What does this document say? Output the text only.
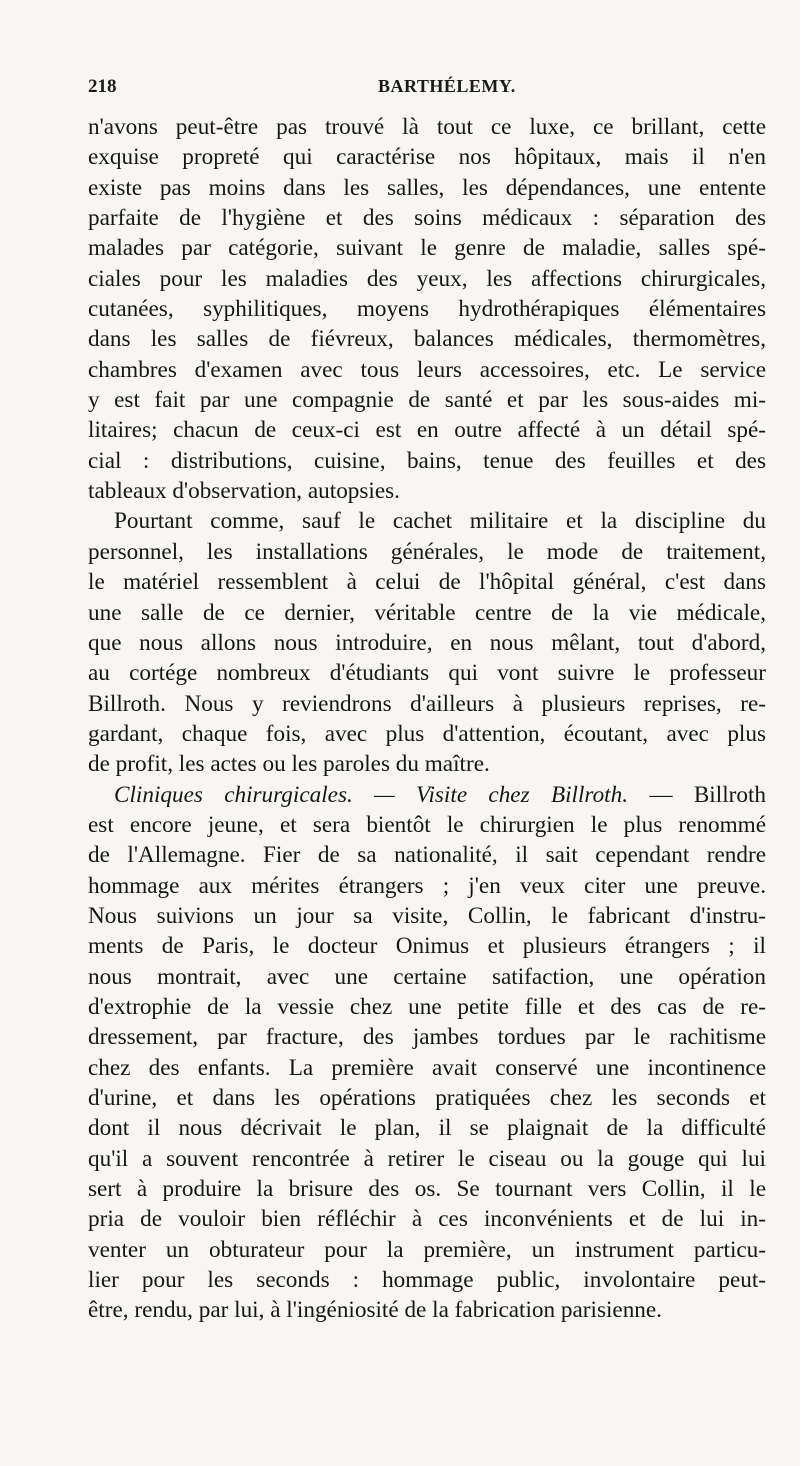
218	BARTHÉLEMY.
n'avons peut-être pas trouvé là tout ce luxe, ce brillant, cette
exquise propreté qui caractérise nos hôpitaux, mais il n'en
existe pas moins dans les salles, les dépendances, une entente
parfaite de l'hygiène et des soins médicaux : séparation des
malades par catégorie, suivant le genre de maladie, salles spé-
ciales pour les maladies des yeux, les affections chirurgicales,
cutanées, syphilitiques, moyens hydrothérapiques élémentaires
dans les salles de fiévreux, balances médicales, thermomètres,
chambres d'examen avec tous leurs accessoires, etc. Le service
y est fait par une compagnie de santé et par les sous-aides mi-
litaires; chacun de ceux-ci est en outre affecté à un détail spé-
cial : distributions, cuisine, bains, tenue des feuilles et des
tableaux d'observation, autopsies.
Pourtant comme, sauf le cachet militaire et la discipline du
personnel, les installations générales, le mode de traitement,
le matériel ressemblent à celui de l'hôpital général, c'est dans
une salle de ce dernier, véritable centre de la vie médicale,
que nous allons nous introduire, en nous mêlant, tout d'abord,
au cortége nombreux d'étudiants qui vont suivre le professeur
Billroth. Nous y reviendrons d'ailleurs à plusieurs reprises, re-
gardant, chaque fois, avec plus d'attention, écoutant, avec plus
de profit, les actes ou les paroles du maître.
Cliniques chirurgicales. — Visite chez Billroth. — Billroth
est encore jeune, et sera bientôt le chirurgien le plus renommé
de l'Allemagne. Fier de sa nationalité, il sait cependant rendre
hommage aux mérites étrangers ; j'en veux citer une preuve.
Nous suivions un jour sa visite, Collin, le fabricant d'instru-
ments de Paris, le docteur Onimus et plusieurs étrangers ; il
nous montrait, avec une certaine satifaction, une opération
d'extrophie de la vessie chez une petite fille et des cas de re-
dressement, par fracture, des jambes tordues par le rachitisme
chez des enfants. La première avait conservé une incontinence
d'urine, et dans les opérations pratiquées chez les seconds et
dont il nous décrivait le plan, il se plaignait de la difficulté
qu'il a souvent rencontrée à retirer le ciseau ou la gouge qui lui
sert à produire la brisure des os. Se tournant vers Collin, il le
pria de vouloir bien réfléchir à ces inconvénients et de lui in-
venter un obturateur pour la première, un instrument particu-
lier pour les seconds : hommage public, involontaire peut-
être, rendu, par lui, à l'ingéniosité de la fabrication parisienne.
